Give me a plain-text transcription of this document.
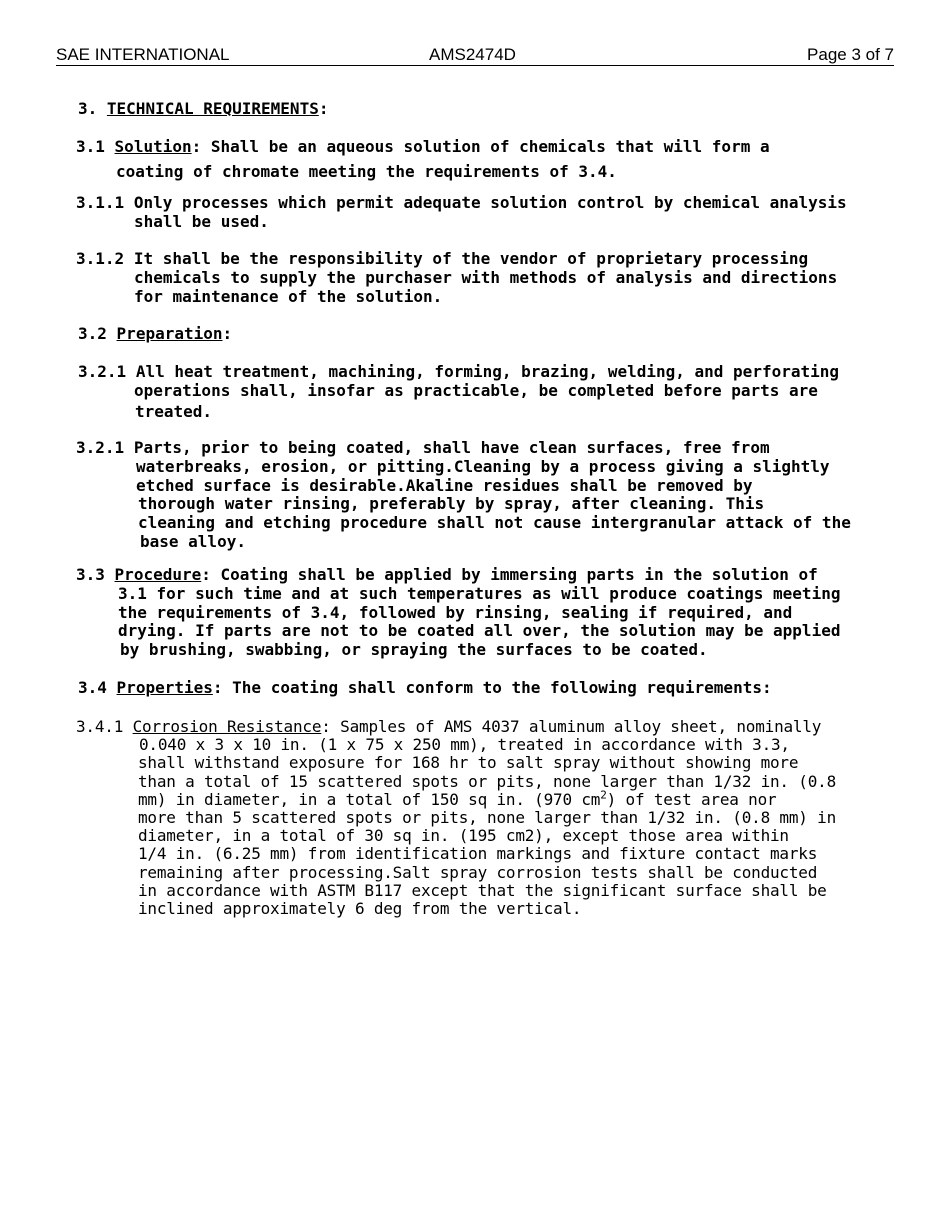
SAE INTERNATIONAL	AMS2474D	Page 3 of 7
3. TECHNICAL REQUIREMENTS:
3.1 Solution: Shall be an aqueous solution of chemicals that will form a
coating of chromate meeting the requirements of 3.4.
3.1.1 Only processes which permit adequate solution control by chemical analysis
shall be used.
3.1.2 It shall be the responsibility of the vendor of proprietary processing
chemicals to supply the purchaser with methods of analysis and directions
for maintenance of the solution.
3.2 Preparation:
3.2.1 All heat treatment, machining, forming, brazing, welding, and perforating
operations shall, insofar as practicable, be completed before parts are
treated.
3.2.1 Parts, prior to being coated, shall have clean surfaces, free from
waterbreaks, erosion, or pitting.Cleaning by a process giving a slightly
etched surface is desirable.Akaline residues shall be removed by
thorough water rinsing, preferably by spray, after cleaning. This
cleaning and etching procedure shall not cause intergranular attack of the
base alloy.
3.3 Procedure: Coating shall be applied by immersing parts in the solution of
3.1 for such time and at such temperatures as will produce coatings meeting
the requirements of 3.4, followed by rinsing, sealing if required, and
drying. If parts are not to be coated all over, the solution may be applied
by brushing, swabbing, or spraying the surfaces to be coated.
3.4 Properties: The coating shall conform to the following requirements:
3.4.1 Corrosion Resistance: Samples of AMS 4037 aluminum alloy sheet, nominally
0.040 x 3 x 10 in. (1 x 75 x 250 mm), treated in accordance with 3.3,
shall withstand exposure for 168 hr to salt spray without showing more
than a total of 15 scattered spots or pits, none larger than 1/32 in. (0.8
mm) in diameter, in a total of 150 sq in. (970 $cm^2$) of test area nor
more than 5 scattered spots or pits, none larger than 1/32 in. (0.8 mm) in
diameter, in a total of 30 sq in. (195 cm2), except those area within
1/4 in. (6.25 mm) from identification markings and fixture contact marks
remaining after processing.Salt spray corrosion tests shall be conducted
in accordance with ASTM B117 except that the significant surface shall be
inclined approximately 6 deg from the vertical.
